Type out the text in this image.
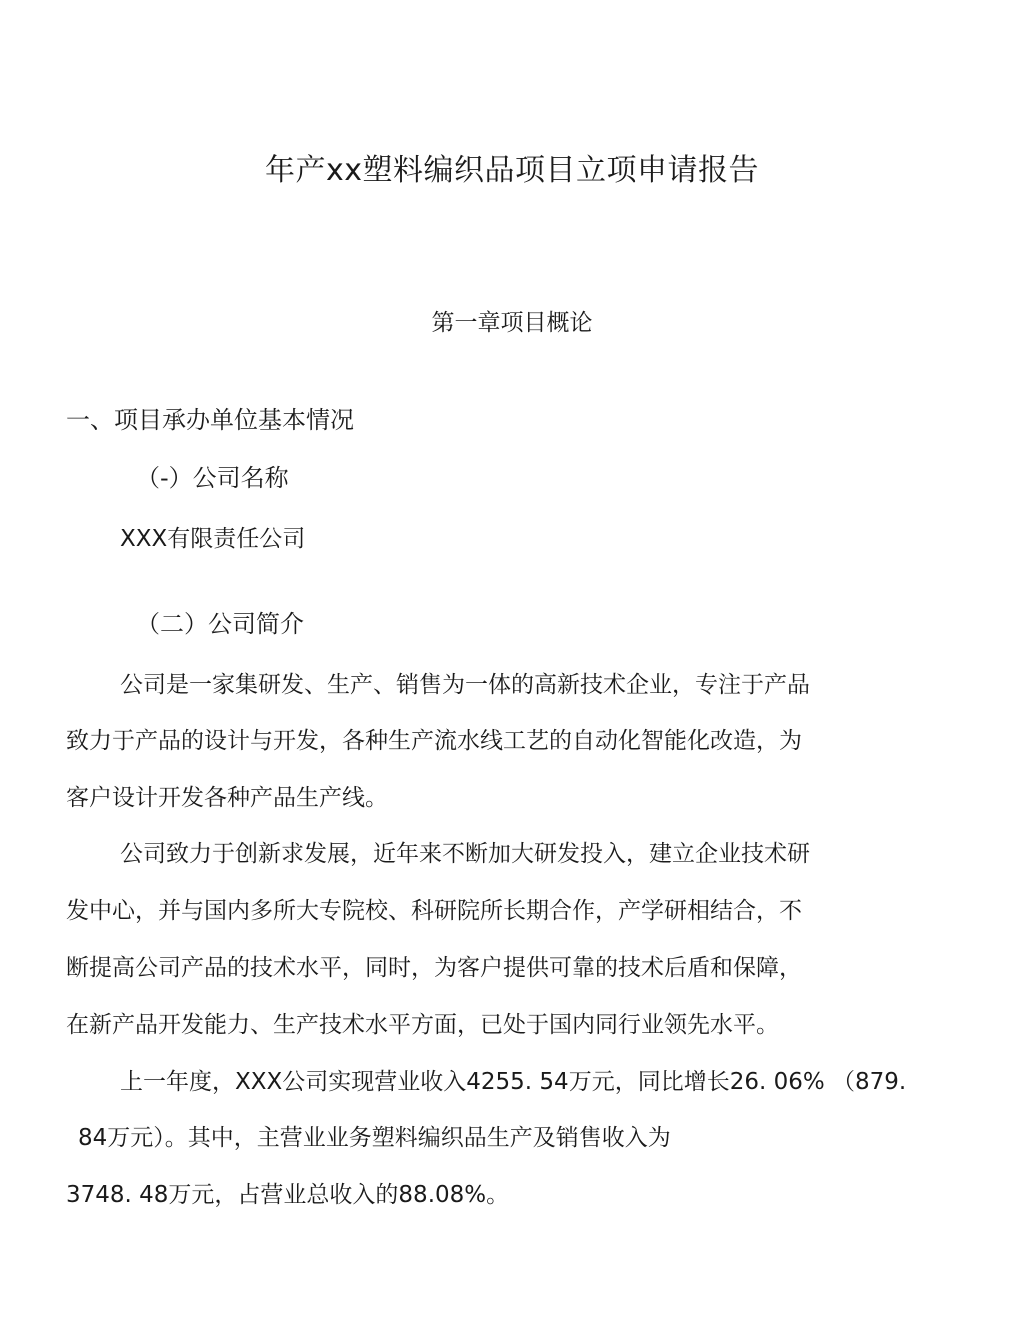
年产xx塑料编织品项目立项申请报告
第一章项目概论
一、项目承办单位基本情况
（-）公司名称
XXX有限责任公司
（二）公司简介
公司是一家集研发、生产、销售为一体的高新技术企业，专注于产品
致力于产品的设计与开发，各种生产流水线工艺的自动化智能化改造，为
客户设计开发各种产品生产线。
公司致力于创新求发展，近年来不断加大研发投入，建立企业技术研
发中心，并与国内多所大专院校、科研院所长期合作，产学研相结合，不
断提高公司产品的技术水平，同时，为客户提供可靠的技术后盾和保障，
在新产品开发能力、生产技术水平方面，已处于国内同行业领先水平。
上一年度，XXX公司实现营业收入4255. 54万元，同比增长26. 06% （879.
84万元）。其中，主营业业务塑料编织品生产及销售收入为
3748. 48万元，占营业总收入的88.08%。
